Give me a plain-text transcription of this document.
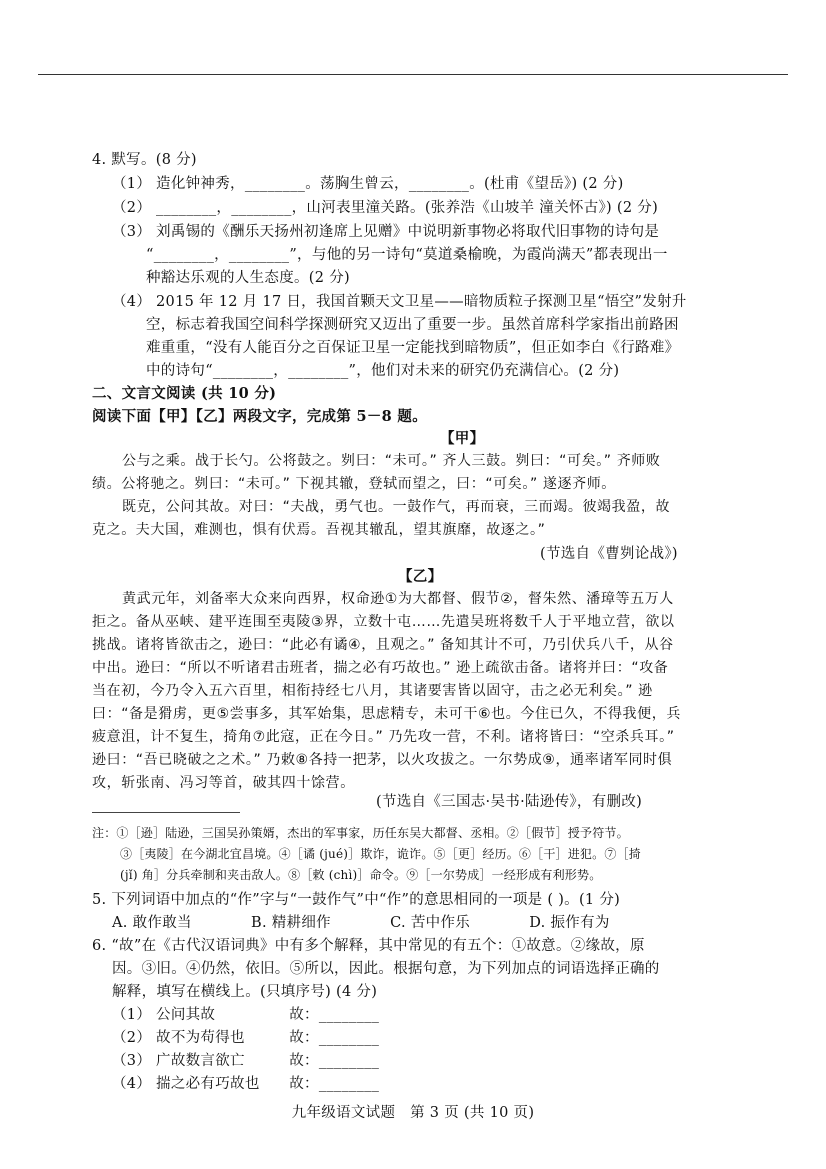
4. 默写。(8 分)
（1） 造化钟神秀，________。荡胸生曾云，________。(杜甫《望岳》) (2 分)
（2） ________，________，山河表里潼关路。(张养浩《山坡羊 潼关怀古》) (2 分)
（3） 刘禹锡的《酬乐天扬州初逢席上见赠》中说明新事物必将取代旧事物的诗句是
“________，________”，与他的另一诗句“莫道桑榆晚，为霞尚满天”都表现出一
种豁达乐观的人生态度。(2 分)
（4） 2015 年 12 月 17 日，我国首颗天文卫星——暗物质粒子探测卫星“悟空”发射升
空，标志着我国空间科学探测研究又迈出了重要一步。虽然首席科学家指出前路困
难重重，“没有人能百分之百保证卫星一定能找到暗物质”，但正如李白《行路难》
中的诗句“________，________”，他们对未来的研究仍充满信心。(2 分)
二、文言文阅读 (共 10 分)
阅读下面【甲】【乙】两段文字，完成第 5－8 题。
【甲】
公与之乘。战于长勺。公将鼓之。刿曰：“未可。” 齐人三鼓。刿曰：“可矣。” 齐师败
绩。公将驰之。刿曰：“未可。” 下视其辙，登轼而望之，曰：“可矣。” 遂逐齐师。
既克，公问其故。对曰：“夫战，勇气也。一鼓作气，再而衰，三而竭。彼竭我盈，故
克之。夫大国，难测也，惧有伏焉。吾视其辙乱，望其旗靡，故逐之。”
(节选自《曹刿论战》)
【乙】
黄武元年，刘备率大众来向西界，权命逊①为大都督、假节②，督朱然、潘璋等五万人
拒之。备从巫峡、建平连围至夷陵③界，立数十屯……先遣吴班将数千人于平地立营，欲以
挑战。诸将皆欲击之，逊曰：“此必有谲④，且观之。” 备知其计不可，乃引伏兵八千，从谷
中出。逊曰：“所以不听诸君击班者，揣之必有巧故也。” 逊上疏欲击备。诸将并曰：“攻备
当在初，今乃令入五六百里，相衔持经七八月，其诸要害皆以固守，击之必无利矣。” 逊
曰：“备是猾虏，更⑤尝事多，其军始集，思虑精专，未可干⑥也。今住已久，不得我便，兵
疲意沮，计不复生，掎角⑦此寇，正在今日。” 乃先攻一营，不利。诸将皆曰：“空杀兵耳。”
逊曰：“吾已晓破之之术。” 乃敕⑧各持一把茅，以火攻拔之。一尔势成⑨，通率诸军同时俱
攻，斩张南、冯习等首，破其四十馀营。
(节选自《三国志·吴书·陆逊传》，有删改)
注：①［逊］陆逊，三国吴孙策婿，杰出的军事家，历任东吴大都督、丞相。②［假节］授予符节。
③［夷陵］在今湖北宜昌境。④［谲 (jué)］欺诈，诡诈。⑤［更］经历。⑥［干］进犯。⑦［掎
(jǐ) 角］分兵牵制和夹击敌人。⑧［敕 (chì)］命令。⑨［一尔势成］一经形成有利形势。
5. 下列词语中加点的“作”字与“一鼓作气”中“作”的意思相同的一项是 ( )。(1 分)
A. 敢作敢当　　　　B. 精耕细作　　　　C. 苦中作乐　　　　D. 振作有为
6. “故”在《古代汉语词典》中有多个解释，其中常见的有五个：①故意。②缘故，原
因。③旧。④仍然，依旧。⑤所以，因此。根据句意，为下列加点的词语选择正确的
解释，填写在横线上。(只填序号) (4 分)
（1） 公问其故　　　　　故：________
（2） 故不为苟得也　　　故：________
（3） 广故数言欲亡　　　故：________
（4） 揣之必有巧故也　　故：________
九年级语文试题　第 3 页 (共 10 页)
